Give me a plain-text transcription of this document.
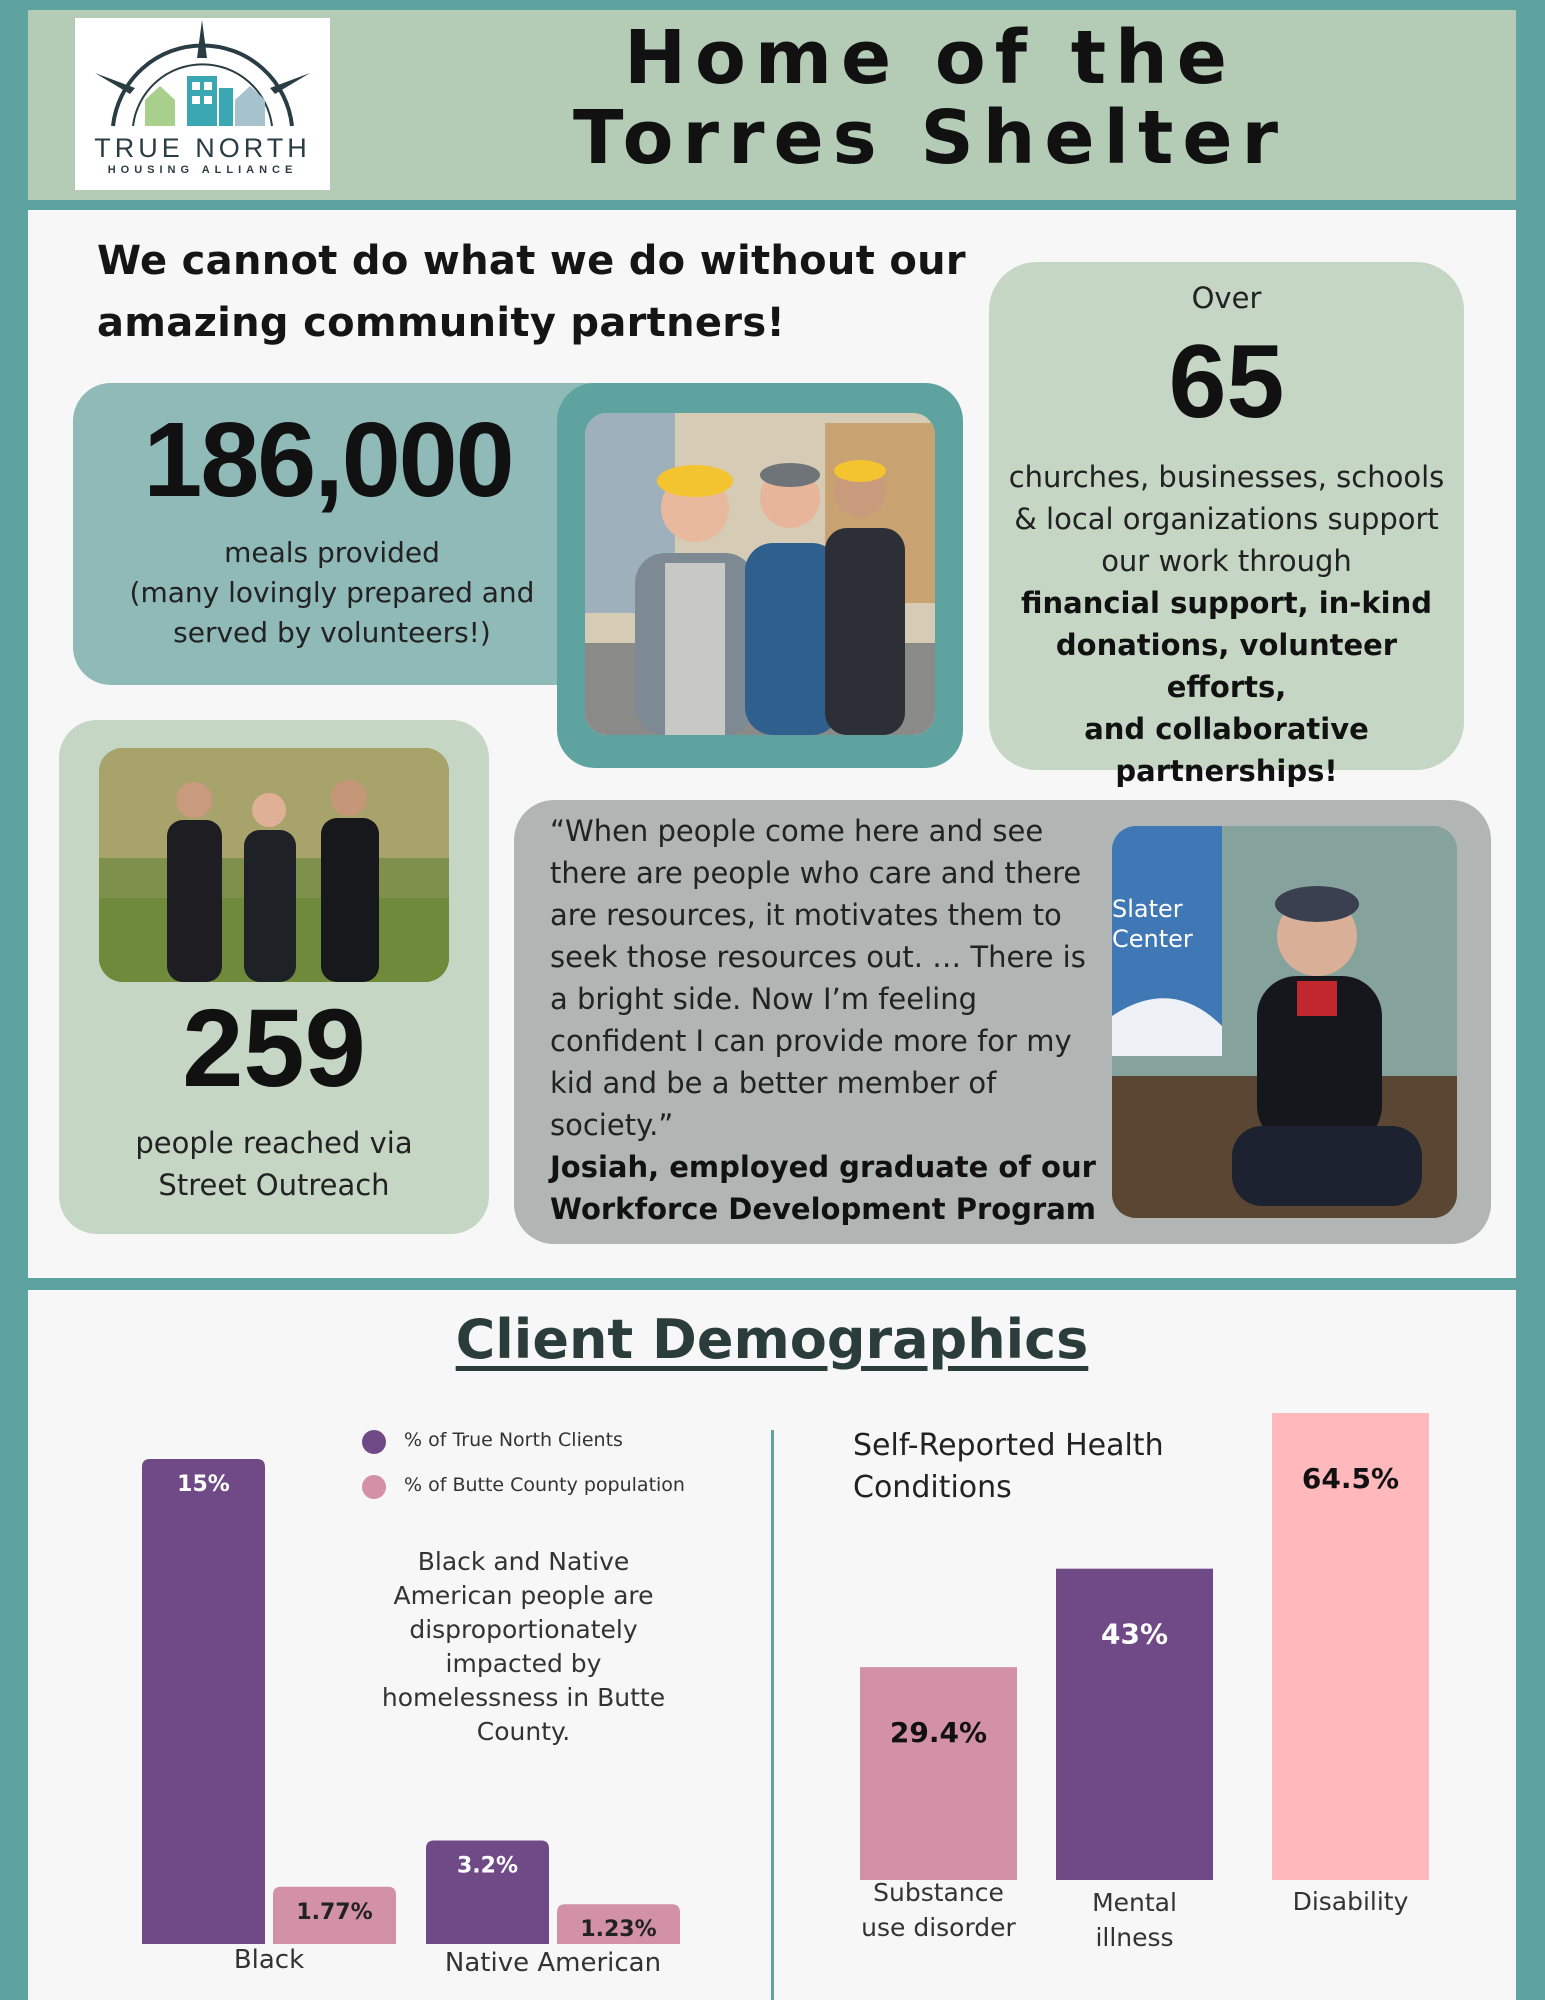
TRUE NORTH
HOUSING ALLIANCE
Home of the
Torres Shelter
We cannot do what we do without our
amazing community partners!
186,000
meals provided
(many lovingly prepared and
served by volunteers!)
Over
65
churches, businesses, schools
& local organizations support
our work through
financial support, in-kind
donations, volunteer efforts,
and collaborative
partnerships!
259
people reached via
Street Outreach
“When people come here and see
there are people who care and there
are resources, it motivates them to
seek those resources out. … There is
a bright side. Now I’m feeling
confident I can provide more for my
kid and be a better member of
society.”
Josiah, employed graduate of our
Workforce Development Program
Slater
Center
Client Demographics
% of True North Clients
% of Butte County population
Black and Native American people are disproportionately impacted by homelessness in Butte County.
15%
1.77%
Black
3.2%
1.23%
Native American
29.4%
Substance
use disorder
43%
Mental
illness
64.5%
Disability
Self-Reported Health Conditions
